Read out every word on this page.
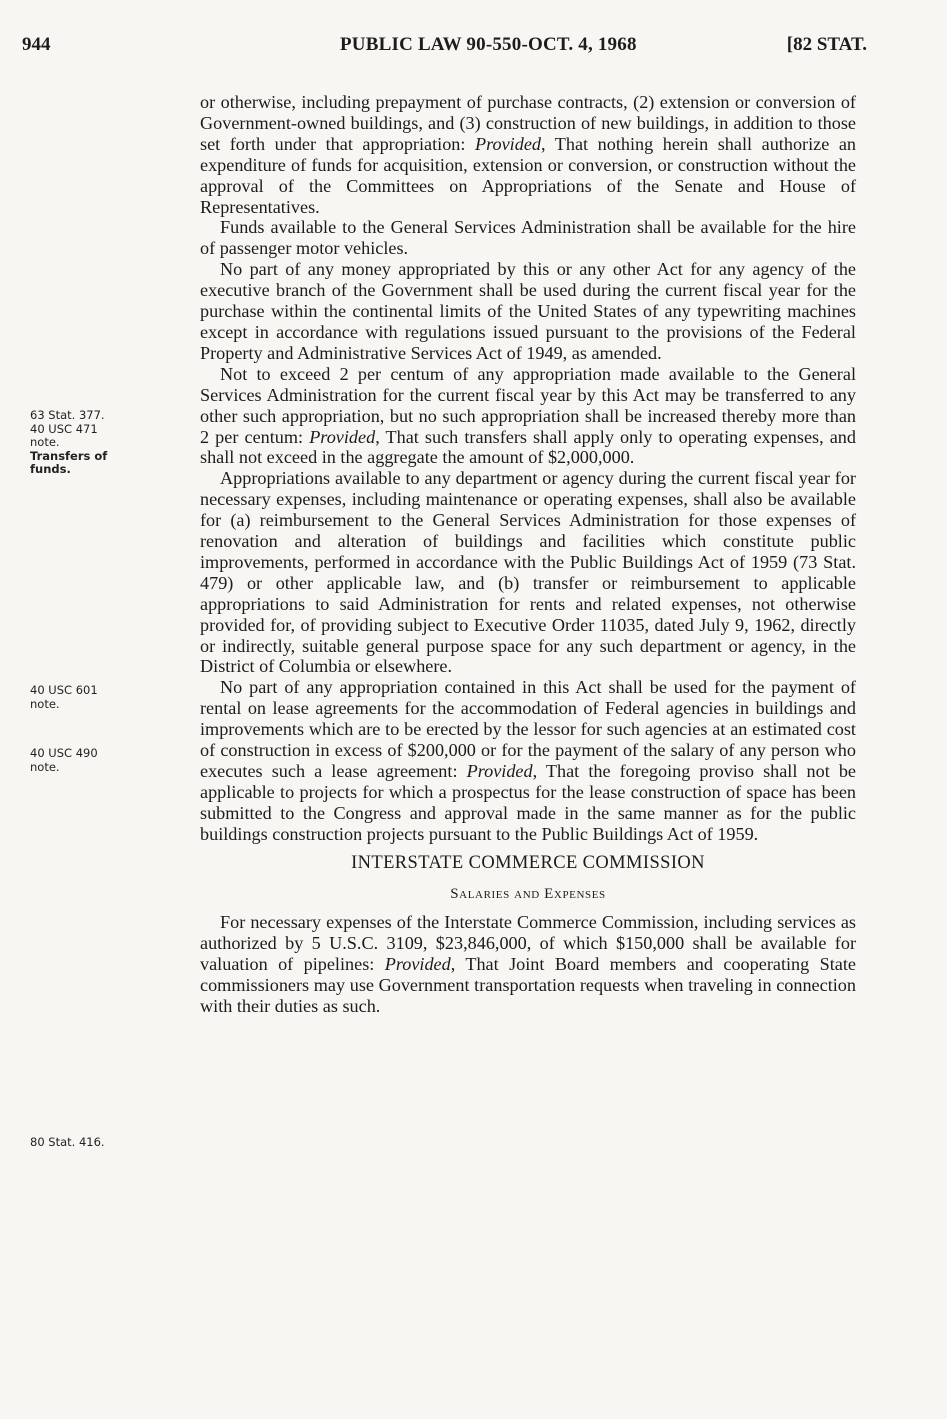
944	PUBLIC LAW 90-550-OCT. 4, 1968	[82 STAT.
63 Stat. 377.
40 USC 471
note.
Transfers of
funds.
40 USC 601
note.
40 USC 490
note.
80 Stat. 416.

or otherwise, including prepayment of purchase contracts, (2) extension or conversion of Government-owned buildings, and (3) construction of new buildings, in addition to those set forth under that appropriation: Provided, That nothing herein shall authorize an expenditure of funds for acquisition, extension or conversion, or construction without the approval of the Committees on Appropriations of the Senate and House of Representatives.

Funds available to the General Services Administration shall be available for the hire of passenger motor vehicles.

No part of any money appropriated by this or any other Act for any agency of the executive branch of the Government shall be used during the current fiscal year for the purchase within the continental limits of the United States of any typewriting machines except in accordance with regulations issued pursuant to the provisions of the Federal Property and Administrative Services Act of 1949, as amended.

Not to exceed 2 per centum of any appropriation made available to the General Services Administration for the current fiscal year by this Act may be transferred to any other such appropriation, but no such appropriation shall be increased thereby more than 2 per centum: Provided, That such transfers shall apply only to operating expenses, and shall not exceed in the aggregate the amount of $2,000,000.

Appropriations available to any department or agency during the current fiscal year for necessary expenses, including maintenance or operating expenses, shall also be available for (a) reimbursement to the General Services Administration for those expenses of renovation and alteration of buildings and facilities which constitute public improvements, performed in accordance with the Public Buildings Act of 1959 (73 Stat. 479) or other applicable law, and (b) transfer or reimbursement to applicable appropriations to said Administration for rents and related expenses, not otherwise provided for, of providing subject to Executive Order 11035, dated July 9, 1962, directly or indirectly, suitable general purpose space for any such department or agency, in the District of Columbia or elsewhere.

No part of any appropriation contained in this Act shall be used for the payment of rental on lease agreements for the accommodation of Federal agencies in buildings and improvements which are to be erected by the lessor for such agencies at an estimated cost of construction in excess of $200,000 or for the payment of the salary of any person who executes such a lease agreement: Provided, That the foregoing proviso shall not be applicable to projects for which a prospectus for the lease construction of space has been submitted to the Congress and approval made in the same manner as for the public buildings construction projects pursuant to the Public Buildings Act of 1959.

INTERSTATE COMMERCE COMMISSION
Salaries and Expenses

For necessary expenses of the Interstate Commerce Commission, including services as authorized by 5 U.S.C. 3109, $23,846,000, of which $150,000 shall be available for valuation of pipelines: Provided, That Joint Board members and cooperating State commissioners may use Government transportation requests when traveling in connection with their duties as such.
